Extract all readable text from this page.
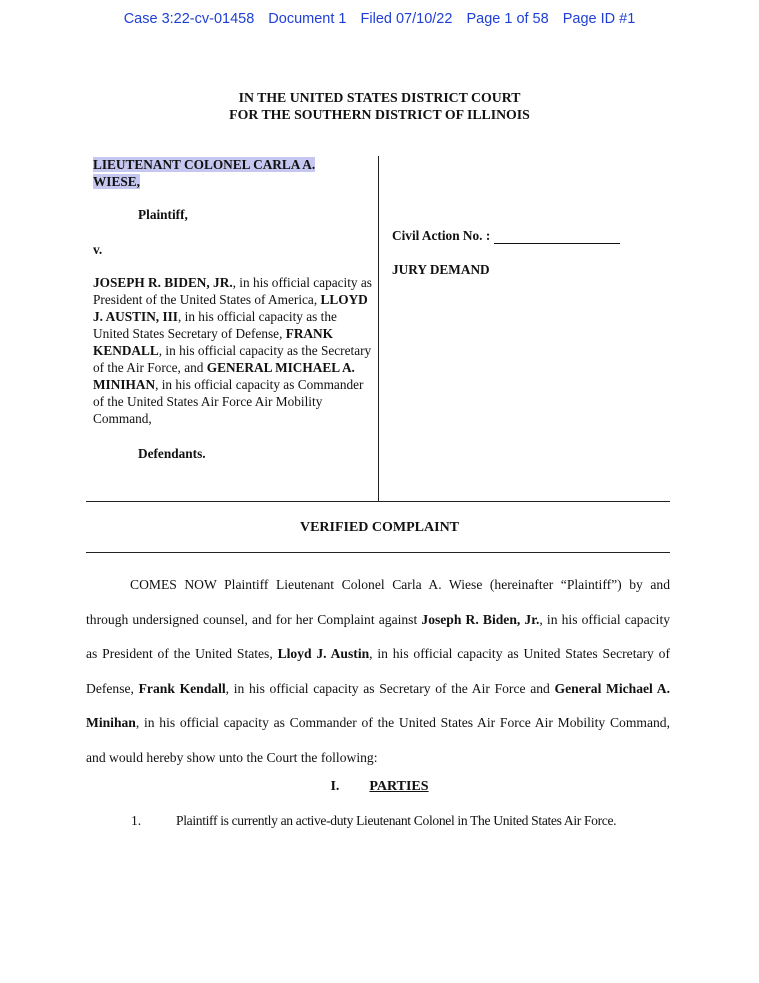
Case 3:22-cv-01458 Document 1 Filed 07/10/22 Page 1 of 58 Page ID #1
IN THE UNITED STATES DISTRICT COURT
FOR THE SOUTHERN DISTRICT OF ILLINOIS
LIEUTENANT COLONEL CARLA A.
WIESE,
Plaintiff,
v.
JOSEPH R. BIDEN, JR., in his official capacity as President of the United States of America, LLOYD J. AUSTIN, III, in his official capacity as the United States Secretary of Defense, FRANK KENDALL, in his official capacity as the Secretary of the Air Force, and GENERAL MICHAEL A. MINIHAN, in his official capacity as Commander of the United States Air Force Air Mobility Command,
Defendants.
Civil Action No. :
JURY DEMAND
VERIFIED COMPLAINT

COMES NOW Plaintiff Lieutenant Colonel Carla A. Wiese (hereinafter “Plaintiff”) by and through undersigned counsel, and for her Complaint against Joseph R. Biden, Jr., in his official capacity as President of the United States, Lloyd J. Austin, in his official capacity as United States Secretary of Defense, Frank Kendall, in his official capacity as Secretary of the Air Force and General Michael A. Minihan, in his official capacity as Commander of the United States Air Force Air Mobility Command, and would hereby show unto the Court the following:

I. PARTIES
1.	Plaintiff is currently an active-duty Lieutenant Colonel in The United States Air Force.
